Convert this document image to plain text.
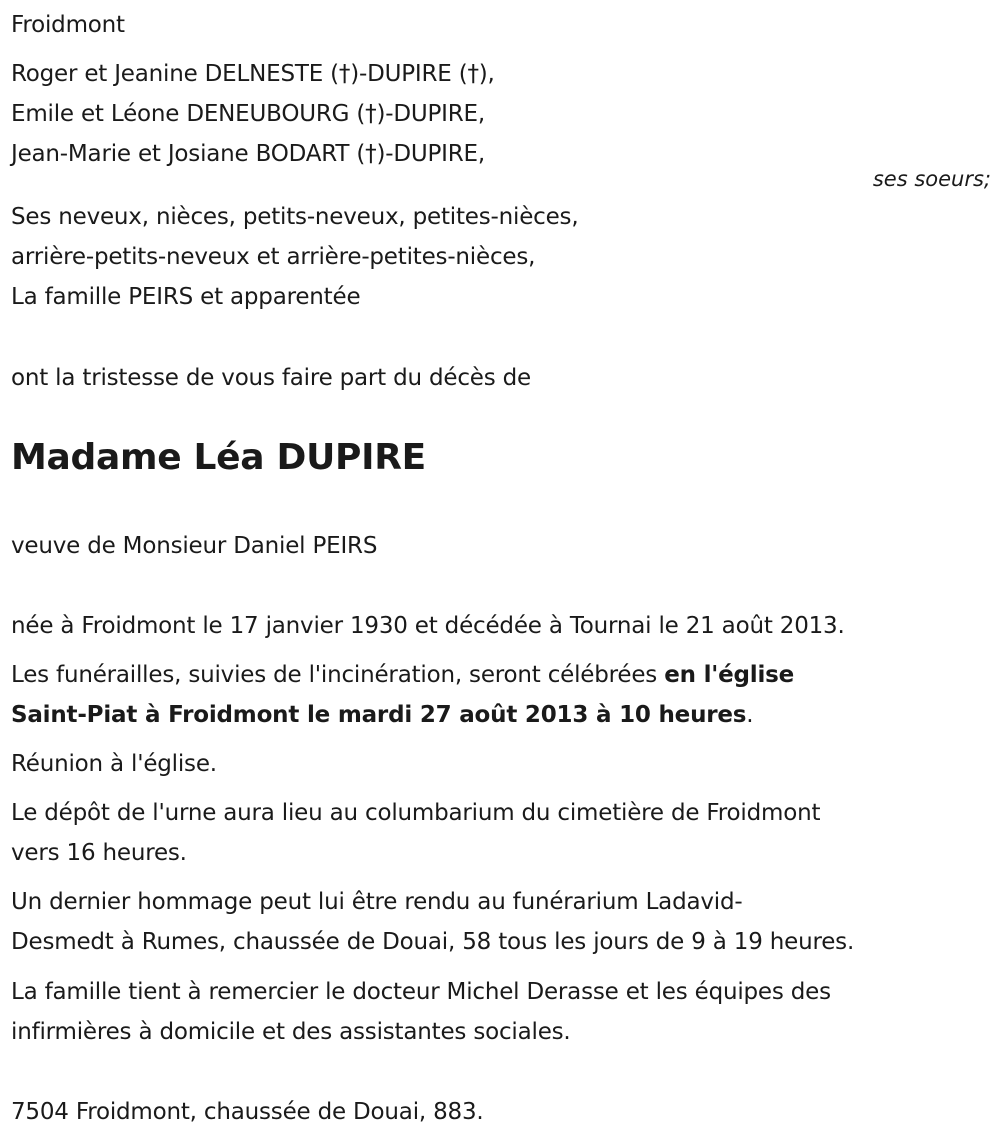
Froidmont
Roger et Jeanine DELNESTE (†)-DUPIRE (†),
Emile et Léone DENEUBOURG (†)-DUPIRE,
Jean-Marie et Josiane BODART (†)-DUPIRE,
ses soeurs;
Ses neveux, nièces, petits-neveux, petites-nièces,
arrière-petits-neveux et arrière-petites-nièces,
La famille PEIRS et apparentée
ont la tristesse de vous faire part du décès de
Madame Léa DUPIRE
veuve de Monsieur Daniel PEIRS
née à Froidmont le 17 janvier 1930 et décédée à Tournai le 21 août 2013.
Les funérailles, suivies de l'incinération, seront célébrées en l'église
Saint-Piat à Froidmont le mardi 27 août 2013 à 10 heures.
Réunion à l'église.
Le dépôt de l'urne aura lieu au columbarium du cimetière de Froidmont
vers 16 heures.
Un dernier hommage peut lui être rendu au funérarium Ladavid-
Desmedt à Rumes, chaussée de Douai, 58 tous les jours de 9 à 19 heures.
La famille tient à remercier le docteur Michel Derasse et les équipes des
infirmières à domicile et des assistantes sociales.
7504 Froidmont, chaussée de Douai, 883.
